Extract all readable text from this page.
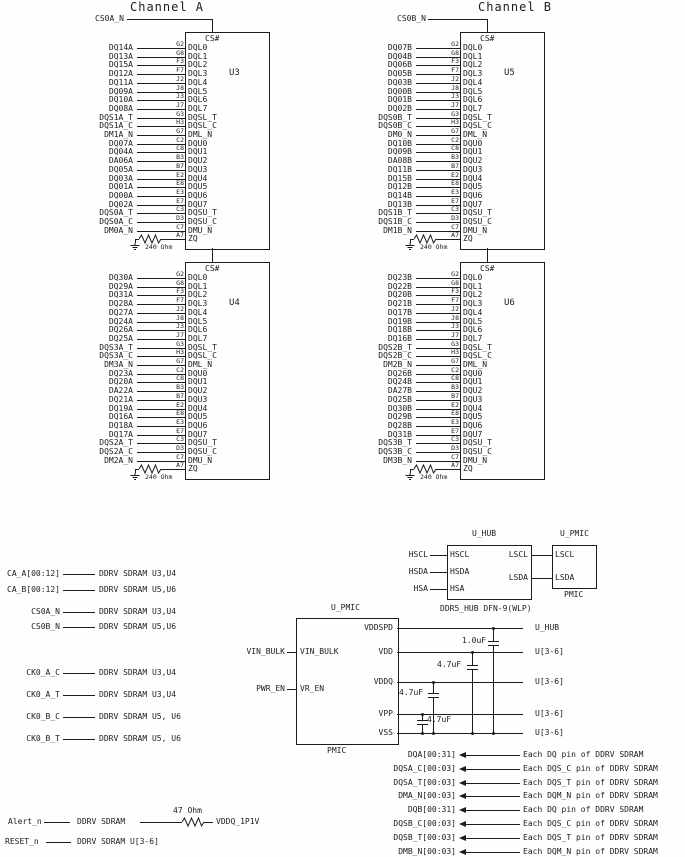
U_HUB
DDR5_HUB DFN-9(WLP)
U_PMIC
PMIC
U_PMIC
PMIC
Alert_n	DDRV SDRAM
47 Ohm
VDDQ_1P1V
RESET_n	DDRV SDRAM U[3-6]
Channel A
CS0A_N
CS#
U3
DQ14A	G2 DQL0
DQ13A	G8 DQL1
DQ15A	F3 DQL2
DQ12A	F7 DQL3
DQ11A	J2 DQL4
DQ09A	J8 DQL5
DQ10A	J3 DQL6
DQ08A	J7 DQL7
DQS1A_T	G3 DQSL_T
DQS1A_C	H3 DQSL_C
DM1A_N	G7 DML_N
DQ07A	C2 DQU0
DQ04A	C8 DQU1
DA06A	B3 DQU2
DQ05A	B7 DQU3
DQ03A	E2 DQU4
DQ01A	E8 DQU5
DQ00A	E3 DQU6
DQ02A	E7 DQU7
DQS0A_T	C3 DQSU_T
DQS0A_C	D3 DQSU_C
DM0A_N	C7 DMU_N
A7 ZQ
240 Ohm
CS#
U4
DQ30A	G2 DQL0
DQ29A	G8 DQL1
DQ31A	F3 DQL2
DQ28A	F7 DQL3
DQ27A	J2 DQL4
DQ24A	J8 DQL5
DQ26A	J3 DQL6
DQ25A	J7 DQL7
DQS3A_T	G3 DQSL_T
DQS3A_C	H3 DQSL_C
DM3A_N	G7 DML_N
DQ23A	C2 DQU0
DQ20A	C8 DQU1
DA22A	B3 DQU2
DQ21A	B7 DQU3
DQ19A	E2 DQU4
DQ16A	E8 DQU5
DQ18A	E3 DQU6
DQ17A	E7 DQU7
DQS2A_T	C3 DQSU_T
DQS2A_C	D3 DQSU_C
DM2A_N	C7 DMU_N
A7 ZQ
240 Ohm
Channel B
CS0B_N
CS#
U5
DQ07B	G2 DQL0
DQ04B	G8 DQL1
DQ06B	F3 DQL2
DQ05B	F7 DQL3
DQ03B	J2 DQL4
DQ00B	J8 DQL5
DQ01B	J3 DQL6
DQ02B	J7 DQL7
DQS0B_T	G3 DQSL_T
DQS0B_C	H3 DQSL_C
DM0_N	G7 DML_N
DQ10B	C2 DQU0
DQ09B	C8 DQU1
DA08B	B3 DQU2
DQ11B	B7 DQU3
DQ15B	E2 DQU4
DQ12B	E8 DQU5
DQ14B	E3 DQU6
DQ13B	E7 DQU7
DQS1B_T	C3 DQSU_T
DQS1B_C	D3 DQSU_C
DM1B_N	C7 DMU_N
A7 ZQ
240 Ohm
CS#
U6
DQ23B	G2 DQL0
DQ22B	G8 DQL1
DQ20B	F3 DQL2
DQ21B	F7 DQL3
DQ17B	J2 DQL4
DQ19B	J8 DQL5
DQ18B	J3 DQL6
DQ16B	J7 DQL7
DQS2B_T	G3 DQSL_T
DQS2B_C	H3 DQSL_C
DM2B_N	G7 DML_N
DQ26B	C2 DQU0
DQ24B	C8 DQU1
DA27B	B3 DQU2
DQ25B	B7 DQU3
DQ30B	E2 DQU4
DQ29B	E8 DQU5
DQ28B	E3 DQU6
DQ31B	E7 DQU7
DQS3B_T	C3 DQSU_T
DQS3B_C	D3 DQSU_C
DM3B_N	C7 DMU_N
A7 ZQ
240 Ohm
CA_A[00:12]	DDRV SDRAM U3,U4
CA_B[00:12]	DDRV SDRAM U5,U6
CS0A_N	DDRV SDRAM U3,U4
CS0B_N	DDRV SDRAM U5,U6
CK0_A_C	DDRV SDRAM U3,U4
CK0_A_T	DDRV SDRAM U3,U4
CK0_B_C	DDRV SDRAM U5, U6
CK0_B_T	DDRV SDRAM U5, U6
HSCL	HSCL
HSDA	HSDA
HSA	HSA
LSCL	LSCL
LSDA	LSDA
VIN_BULK VIN_BULK
PWR_EN VR_EN
VDDSPD	U_HUB
VDD	U[3-6]
VDDQ	U[3-6]
VPP	U[3-6]
VSS	U[3-6]
1.0uF
4.7uF
4.7uF
4.7uF
DQA[00:31]	Each DQ pin of DDRV SDRAM
DQSA_C[00:03]	Each DQS_C pin of DDRV SDRAM
DQSA_T[00:03]	Each DQS_T pin of DDRV SDRAM
DMA_N[00:03]	Each DQM_N pin of DDRV SDRAM
DQB[00:31]	Each DQ pin of DDRV SDRAM
DQSB_C[00:03]	Each DQS_C pin of DDRV SDRAM
DQSB_T[00:03]	Each DQS_T pin of DDRV SDRAM
DMB_N[00:03]	Each DQM_N pin of DDRV SDRAM
